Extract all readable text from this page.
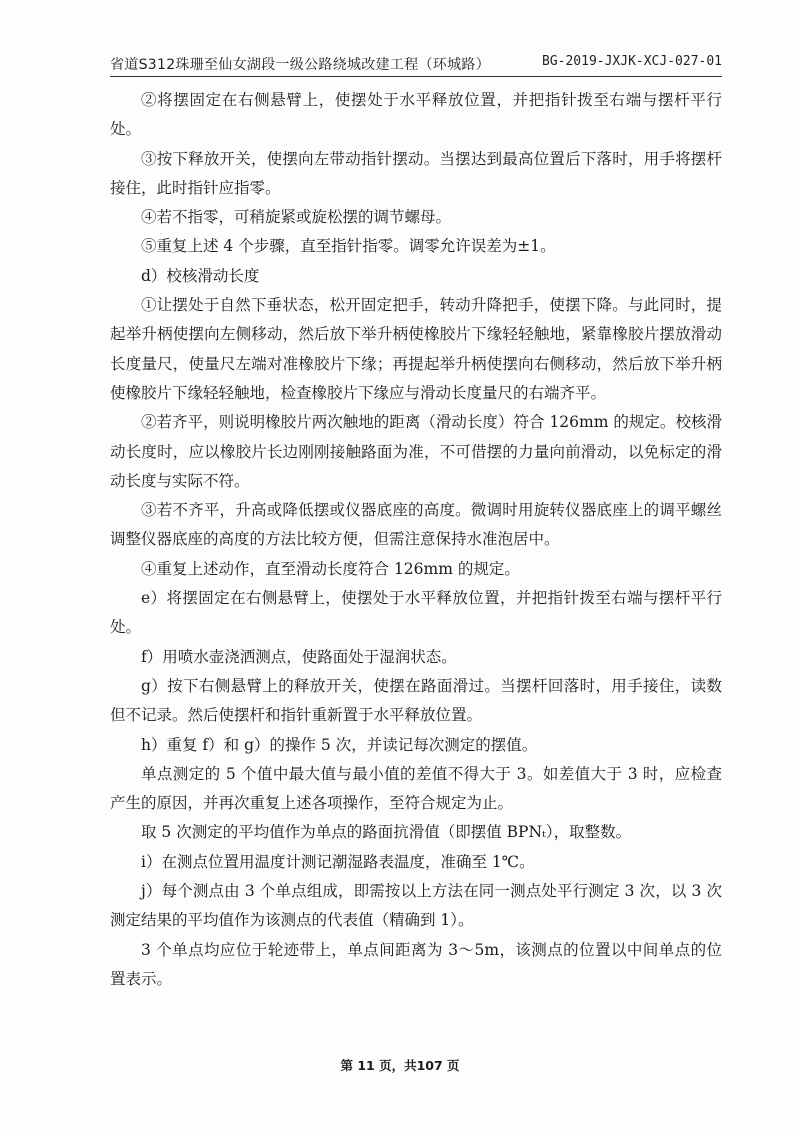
省道S312珠珊至仙女湖段一级公路绕城改建工程（环城路）	BG-2019-JXJK-XCJ-027-01

②将摆固定在右侧悬臂上，使摆处于水平释放位置，并把指针拨至右端与摆杆平行处。

③按下释放开关，使摆向左带动指针摆动。当摆达到最高位置后下落时，用手将摆杆接住，此时指针应指零。

④若不指零，可稍旋紧或旋松摆的调节螺母。

⑤重复上述 4 个步骤，直至指针指零。调零允许误差为±1。

d）校核滑动长度

①让摆处于自然下垂状态，松开固定把手，转动升降把手，使摆下降。与此同时，提起举升柄使摆向左侧移动，然后放下举升柄使橡胶片下缘轻轻触地，紧靠橡胶片摆放滑动长度量尺，使量尺左端对准橡胶片下缘；再提起举升柄使摆向右侧移动，然后放下举升柄使橡胶片下缘轻轻触地，检查橡胶片下缘应与滑动长度量尺的右端齐平。

②若齐平，则说明橡胶片两次触地的距离（滑动长度）符合 126mm 的规定。校核滑动长度时，应以橡胶片长边刚刚接触路面为准，不可借摆的力量向前滑动，以免标定的滑动长度与实际不符。

③若不齐平，升高或降低摆或仪器底座的高度。微调时用旋转仪器底座上的调平螺丝调整仪器底座的高度的方法比较方便，但需注意保持水准泡居中。

④重复上述动作，直至滑动长度符合 126mm 的规定。

e）将摆固定在右侧悬臂上，使摆处于水平释放位置，并把指针拨至右端与摆杆平行处。

f）用喷水壶浇洒测点，使路面处于湿润状态。

g）按下右侧悬臂上的释放开关，使摆在路面滑过。当摆杆回落时，用手接住，读数但不记录。然后使摆杆和指针重新置于水平释放位置。

h）重复 f）和 g）的操作 5 次，并读记每次测定的摆值。

单点测定的 5 个值中最大值与最小值的差值不得大于 3。如差值大于 3 时，应检查产生的原因，并再次重复上述各项操作，至符合规定为止。

取 5 次测定的平均值作为单点的路面抗滑值（即摆值 BPNₜ），取整数。

i）在测点位置用温度计测记潮湿路表温度，准确至 1℃。

j）每个测点由 3 个单点组成，即需按以上方法在同一测点处平行测定 3 次，以 3 次测定结果的平均值作为该测点的代表值（精确到 1）。

3 个单点均应位于轮迹带上，单点间距离为 3～5m，该测点的位置以中间单点的位置表示。

第 11 页，共107 页
